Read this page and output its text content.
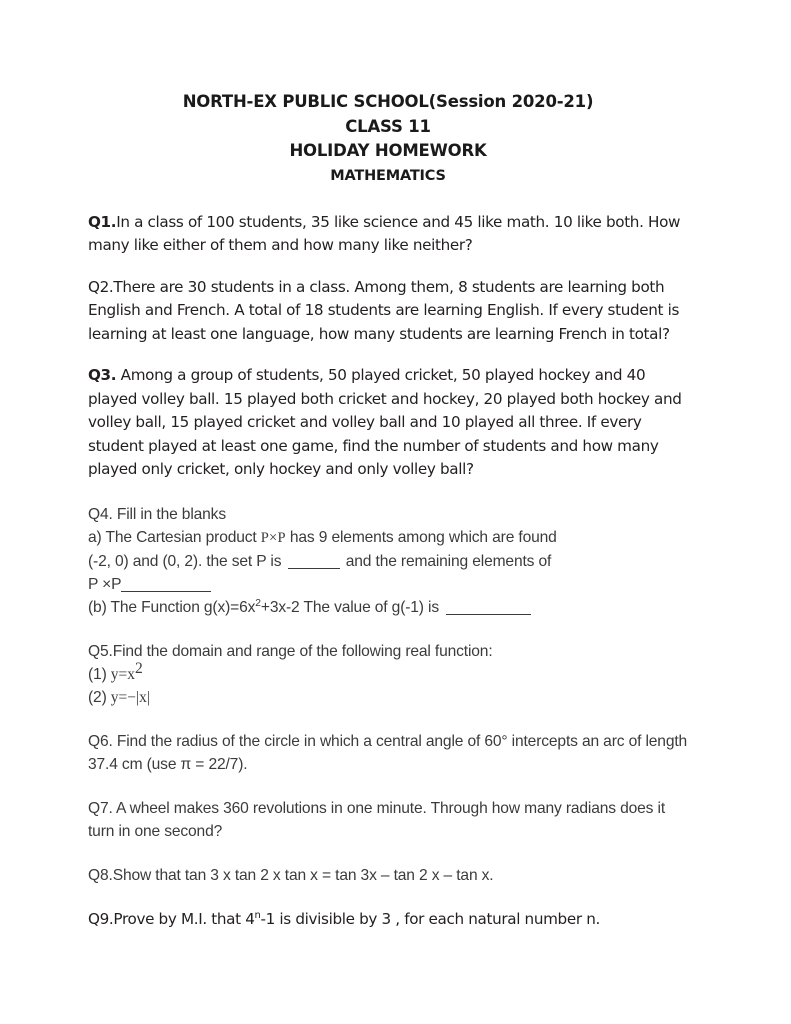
NORTH-EX PUBLIC SCHOOL(Session 2020-21)
CLASS 11
HOLIDAY HOMEWORK
MATHEMATICS

Q1.In a class of 100 students, 35 like science and 45 like math. 10 like both. How many like either of them and how many like neither?

Q2.There are 30 students in a class. Among them, 8 students are learning both English and French. A total of 18 students are learning English. If every student is learning at least one language, how many students are learning French in total?

Q3. Among a group of students, 50 played cricket, 50 played hockey and 40 played volley ball. 15 played both cricket and hockey, 20 played both hockey and volley ball, 15 played cricket and volley ball and 10 played all three. If every student played at least one game, find the number of students and how many played only cricket, only hockey and only volley ball?

Q4. Fill in the blanks

a) The Cartesian product P×P has 9 elements among which are found

(-2, 0) and (0, 2). the set P is	and the remaining elements of

P ×P

(b) The Function $g(x)=6x^2+3x-2$ The value of g(-1) is

Q5.Find the domain and range of the following real function:

(1) $y=x^2$

(2) y=−|x|

Q6. Find the radius of the circle in which a central angle of 60° intercepts an arc of length 37.4 cm (use π = 22/7).

Q7. A wheel makes 360 revolutions in one minute. Through how many radians does it turn in one second?

Q8.Show that tan 3 x tan 2 x tan x = tan 3x – tan 2 x – tan x.

Q9.Prove by M.I. that 4$^n$-1 is divisible by 3 , for each natural number n.
